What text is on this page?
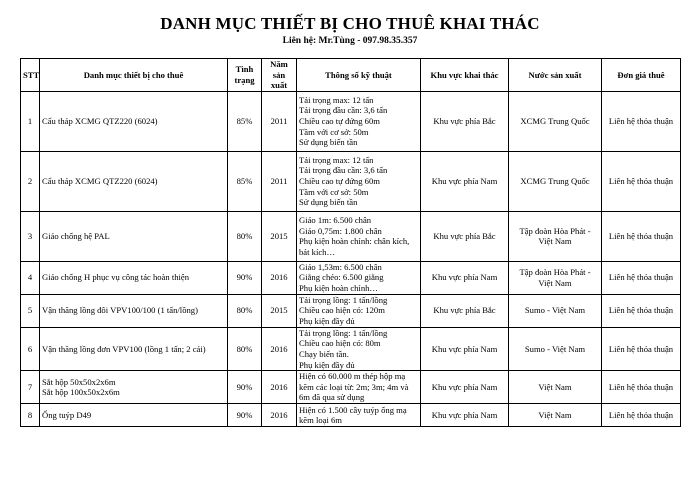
DANH MỤC THIẾT BỊ CHO THUÊ KHAI THÁC
Liên hệ: Mr.Tùng - 097.98.35.357
STT	Danh mục thiết bị cho thuê	Tình trạng	Năm sản xuất	Thông số kỹ thuật	Khu vực khai thác	Nước sản xuất	Đơn giá thuê
1	Cẩu tháp XCMG QTZ220 (6024)	85%	2011	Tải trọng max: 12 tấn
Tải trọng đầu cần: 3,6 tấn
Chiều cao tự đứng 60m
Tầm với cơ sở: 50m
Sử dụng biến tần	Khu vực phía Bắc	XCMG Trung Quốc	Liên hệ thỏa thuận
2	Cẩu tháp XCMG QTZ220 (6024)	85%	2011	Tải trọng max: 12 tấn
Tải trọng đầu cần: 3,6 tấn
Chiều cao tự đứng 60m
Tầm với cơ sở: 50m
Sử dụng biến tần	Khu vực phía Nam	XCMG Trung Quốc	Liên hệ thỏa thuận
3	Giáo chống hệ PAL	80%	2015	Giáo 1m: 6.500 chân
Giáo 0,75m: 1.800 chân
Phụ kiện hoàn chỉnh: chân kích,
bát kích…	Khu vực phía Bắc	Tập đoàn Hòa Phát -
Việt Nam	Liên hệ thỏa thuận
4	Giáo chống H phục vụ công tác hoàn thiện	90%	2016	Giáo 1,53m: 6.500 chân
Giằng chéo: 6.500 giằng
Phụ kiện hoàn chỉnh…	Khu vực phía Nam	Tập đoàn Hòa Phát -
Việt Nam	Liên hệ thỏa thuận
5	Vận thăng lồng đôi VPV100/100 (1 tấn/lồng)	80%	2015	Tải trọng lồng: 1 tấn/lồng
Chiều cao hiện có: 120m
Phụ kiện đầy đủ	Khu vực phía Bắc	Sumo - Việt Nam	Liên hệ thỏa thuận
6	Vận thăng lồng đơn VPV100 (lồng 1 tấn; 2 cái)	80%	2016	Tải trọng lồng: 1 tấn/lồng
Chiều cao hiện có: 80m
Chạy biến tần.
Phụ kiện đầy đủ	Khu vực phía Nam	Sumo - Việt Nam	Liên hệ thỏa thuận
7	Sắt hộp 50x50x2x6m
Sắt hộp 100x50x2x6m	90%	2016	Hiện có 60.000 m thép hộp mạ
kẽm các loại từ: 2m; 3m; 4m và
6m đã qua sử dụng	Khu vực phía Nam	Việt Nam	Liên hệ thỏa thuận
8	Ống tuýp D49	90%	2016	Hiện có 1.500 cây tuýp ống mạ
kẽm loại 6m	Khu vực phía Nam	Việt Nam	Liên hệ thỏa thuận
